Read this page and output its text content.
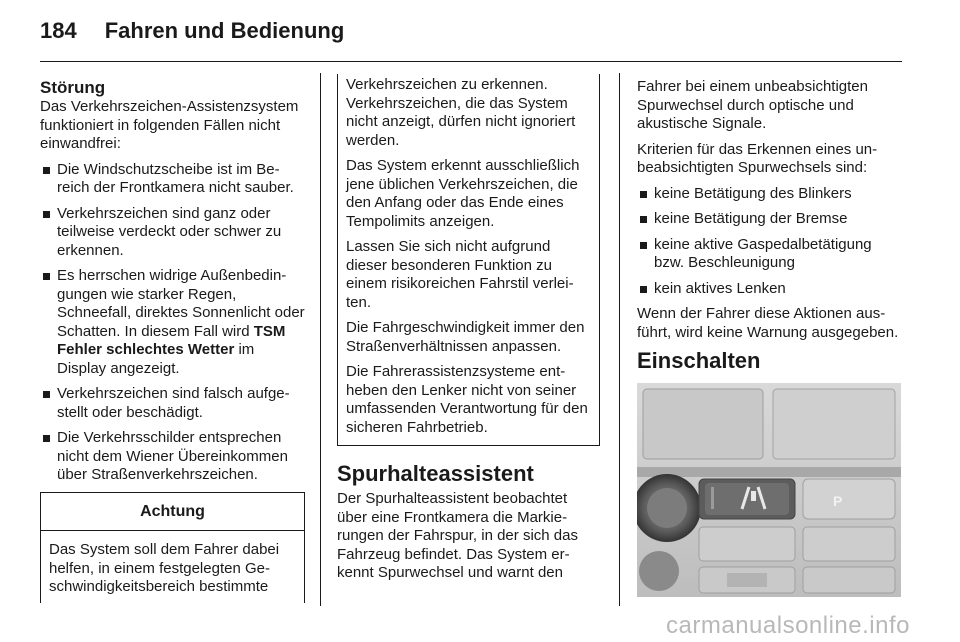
184 Fahren und Bedienung
Störung

Das Verkehrszeichen-Assistenzsystem funktioniert in folgenden Fällen nicht einwandfrei:

Die Windschutzscheibe ist im Bereich der Frontkamera nicht sauber.
Verkehrszeichen sind ganz oder teilweise verdeckt oder schwer zu erkennen.
Es herrschen widrige Außenbedingungen wie starker Regen, Schneefall, direktes Sonnenlicht oder Schatten. In diesem Fall wird TSM Fehler schlechtes Wetter im Display angezeigt.
Verkehrszeichen sind falsch aufgestellt oder beschädigt.
Die Verkehrsschilder entsprechen nicht dem Wiener Übereinkommen über Straßenverkehrszeichen.
Achtung
Das System soll dem Fahrer dabei helfen, in einem festgelegten Geschwindigkeitsbereich bestimmte

Verkehrszeichen zu erkennen. Verkehrszeichen, die das System nicht anzeigt, dürfen nicht ignoriert werden.

Das System erkennt ausschließlich jene üblichen Verkehrszeichen, die den Anfang oder das Ende eines Tempolimits anzeigen.

Lassen Sie sich nicht aufgrund dieser besonderen Funktion zu einem risikoreichen Fahrstil verleiten.

Die Fahrgeschwindigkeit immer den Straßenverhältnissen anpassen.

Die Fahrerassistenzsysteme entheben den Lenker nicht von seiner umfassenden Verantwortung für den sicheren Fahrbetrieb.

Spurhalteassistent

Der Spurhalteassistent beobachtet über eine Frontkamera die Markierungen der Fahrspur, in der sich das Fahrzeug befindet. Das System erkennt Spurwechsel und warnt den

Fahrer bei einem unbeabsichtigten Spurwechsel durch optische und akustische Signale.

Kriterien für das Erkennen eines unbeabsichtigten Spurwechsels sind:

keine Betätigung des Blinkers
keine Betätigung der Bremse
keine aktive Gaspedalbetätigung bzw. Beschleunigung
kein aktives Lenken

Wenn der Fahrer diese Aktionen ausführt, wird keine Warnung ausgegeben.

Einschalten
P
carmanualsonline.info
